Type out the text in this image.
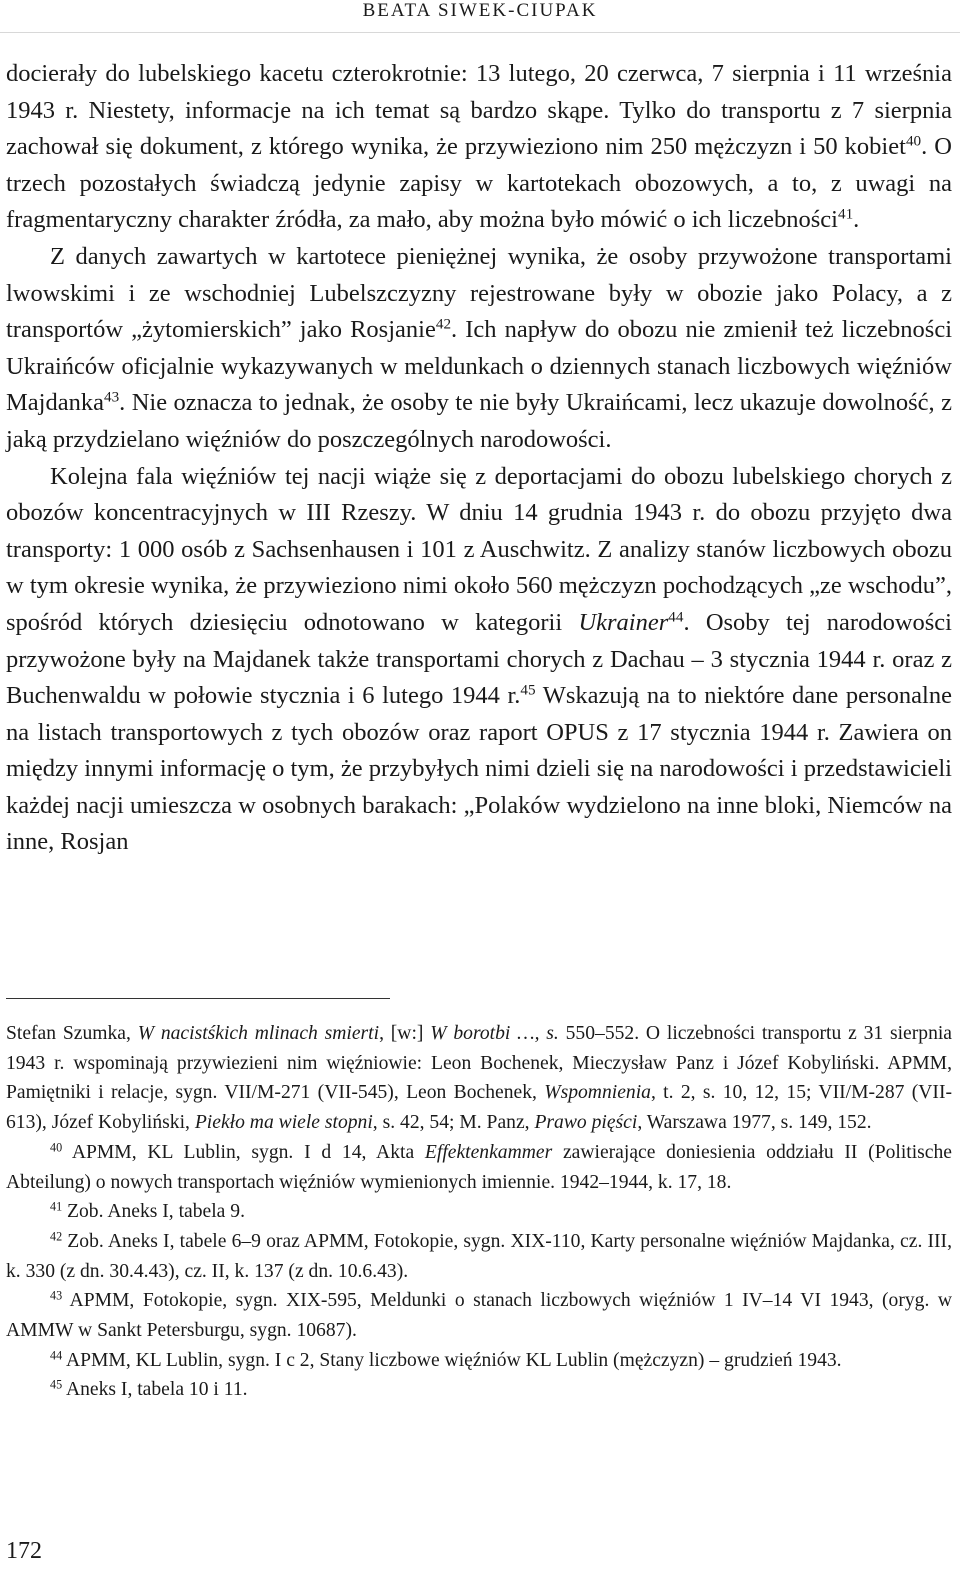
BEATA SIWEK-CIUPAK

docierały do lubelskiego kacetu czterokrotnie: 13 lutego, 20 czerwca, 7 sierpnia i 11 września 1943 r. Niestety, informacje na ich temat są bardzo skąpe. Tylko do transportu z 7 sierpnia zachował się dokument, z którego wynika, że przywieziono nim 250 mężczyzn i 50 kobiet$^{40}$. O trzech pozostałych świadczą jedynie zapisy w kartotekach obozowych, a to, z uwagi na fragmentaryczny charakter źródła, za mało, aby można było mówić o ich liczebności$^{41}$.

Z danych zawartych w kartotece pieniężnej wynika, że osoby przywożone transportami lwowskimi i ze wschodniej Lubelszczyzny rejestrowane były w obozie jako Polacy, a z transportów „żytomierskich” jako Rosjanie$^{42}$. Ich napływ do obozu nie zmienił też liczebności Ukraińców oficjalnie wykazywanych w meldunkach o dziennych stanach liczbowych więźniów Majdanka$^{43}$. Nie oznacza to jednak, że osoby te nie były Ukraińcami, lecz ukazuje dowolność, z jaką przydzielano więźniów do poszczególnych narodowości.

Kolejna fala więźniów tej nacji wiąże się z deportacjami do obozu lubelskiego chorych z obozów koncentracyjnych w III Rzeszy. W dniu 14 grudnia 1943 r. do obozu przyjęto dwa transporty: 1 000 osób z Sachsenhausen i 101 z Auschwitz. Z analizy stanów liczbowych obozu w tym okresie wynika, że przywieziono nimi około 560 mężczyzn pochodzących „ze wschodu”, spośród których dziesięciu odnotowano w kategorii Ukrainer$^{44}$. Osoby tej narodowości przywożone były na Majdanek także transportami chorych z Dachau – 3 stycznia 1944 r. oraz z Buchenwaldu w połowie stycznia i 6 lutego 1944 r.$^{45}$ Wskazują na to niektóre dane personalne na listach transportowych z tych obozów oraz raport OPUS z 17 stycznia 1944 r. Zawiera on między innymi informację o tym, że przybyłych nimi dzieli się na narodowości i przedstawicieli każdej nacji umieszcza w osobnych barakach: „Polaków wydzielono na inne bloki, Niemców na inne, Rosjan

Stefan Szumka, W nacistśkich mlinach smierti, [w:] W borotbi …, s. 550–552. O liczebności transportu z 31 sierpnia 1943 r. wspominają przywiezieni nim więźniowie: Leon Bochenek, Mieczysław Panz i Józef Kobyliński. APMM, Pamiętniki i relacje, sygn. VII/M-271 (VII-545), Leon Bochenek, Wspomnienia, t. 2, s. 10, 12, 15; VII/M-287 (VII-613), Józef Kobyliński, Piekło ma wiele stopni, s. 42, 54; M. Panz, Prawo pięści, Warszawa 1977, s. 149, 152.

$^{40}$ APMM, KL Lublin, sygn. I d 14, Akta Effektenkammer zawierające doniesienia oddziału II (Politische Abteilung) o nowych transportach więźniów wymienionych imiennie. 1942–1944, k. 17, 18.

$^{41}$ Zob. Aneks I, tabela 9.

$^{42}$ Zob. Aneks I, tabele 6–9 oraz APMM, Fotokopie, sygn. XIX-110, Karty personalne więźniów Majdanka, cz. III, k. 330 (z dn. 30.4.43), cz. II, k. 137 (z dn. 10.6.43).

$^{43}$ APMM, Fotokopie, sygn. XIX-595, Meldunki o stanach liczbowych więźniów 1 IV–14 VI 1943, (oryg. w AMMW w Sankt Petersburgu, sygn. 10687).

$^{44}$ APMM, KL Lublin, sygn. I c 2, Stany liczbowe więźniów KL Lublin (mężczyzn) – grudzień 1943.

$^{45}$ Aneks I, tabela 10 i 11.

172
